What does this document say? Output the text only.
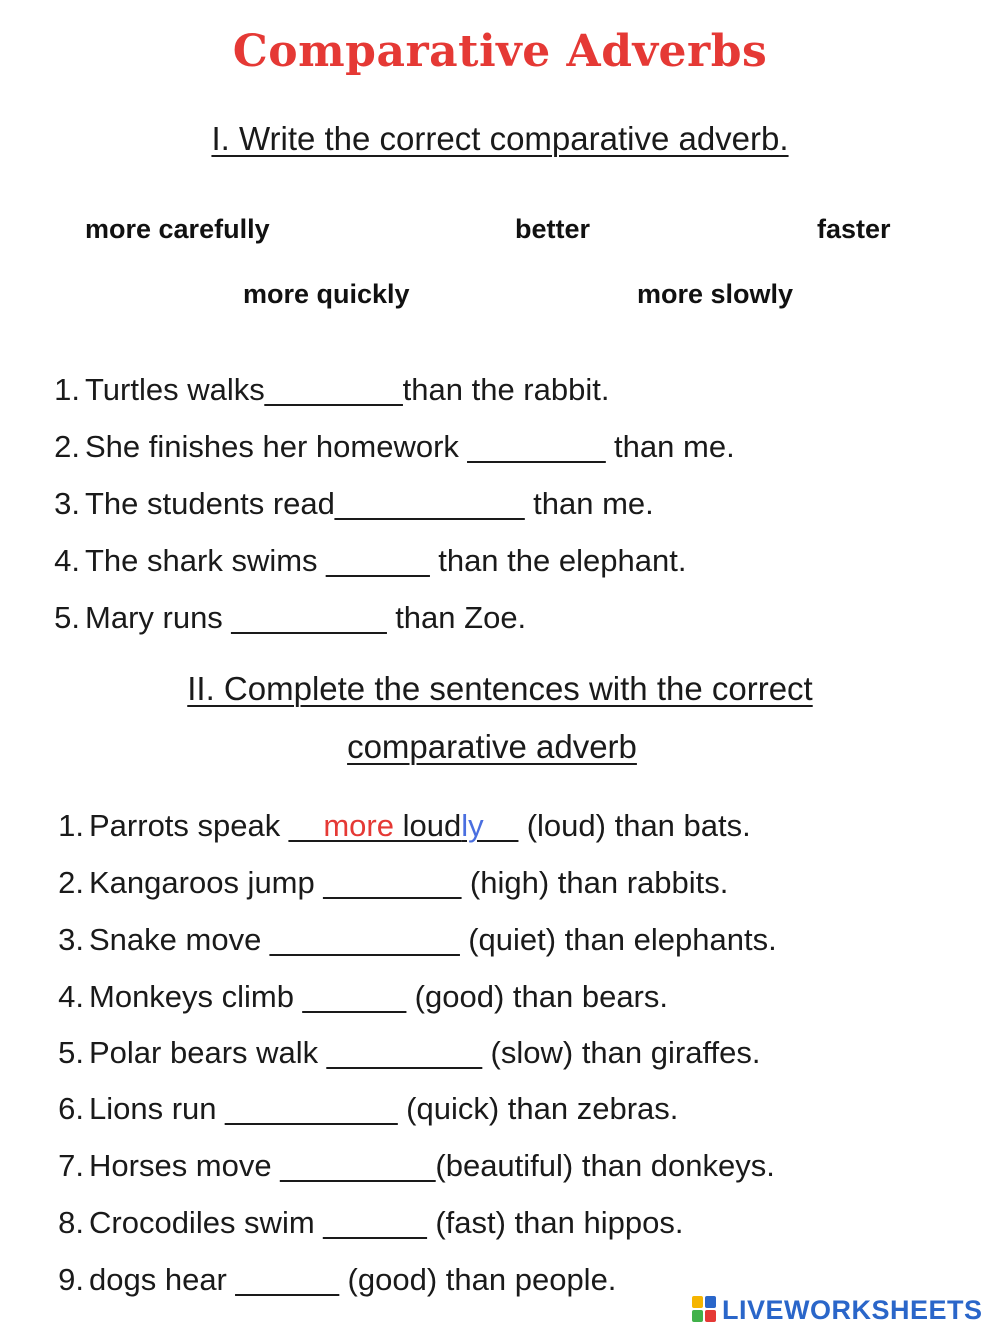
Comparative Adverbs
I. Write the correct comparative adverb.
more carefully	better	faster
more quickly	more slowly
1. Turtles walks________than the rabbit.
2. She finishes her homework ________ than me.
3. The students read___________ than me.
4. The shark swims ______ than the elephant.
5. Mary runs _________ than Zoe.
II. Complete the sentences with the correct
comparative adverb
1. Parrots speak __more loudly__ (loud) than bats.
2. Kangaroos jump ________ (high) than rabbits.
3. Snake move ___________ (quiet) than elephants.
4. Monkeys climb ______ (good) than bears.
5. Polar bears walk _________ (slow) than giraffes.
6. Lions run __________ (quick) than zebras.
7. Horses move _________(beautiful) than donkeys.
8. Crocodiles swim ______ (fast) than hippos.
9. dogs hear ______ (good) than people.
LIVEWORKSHEETS
